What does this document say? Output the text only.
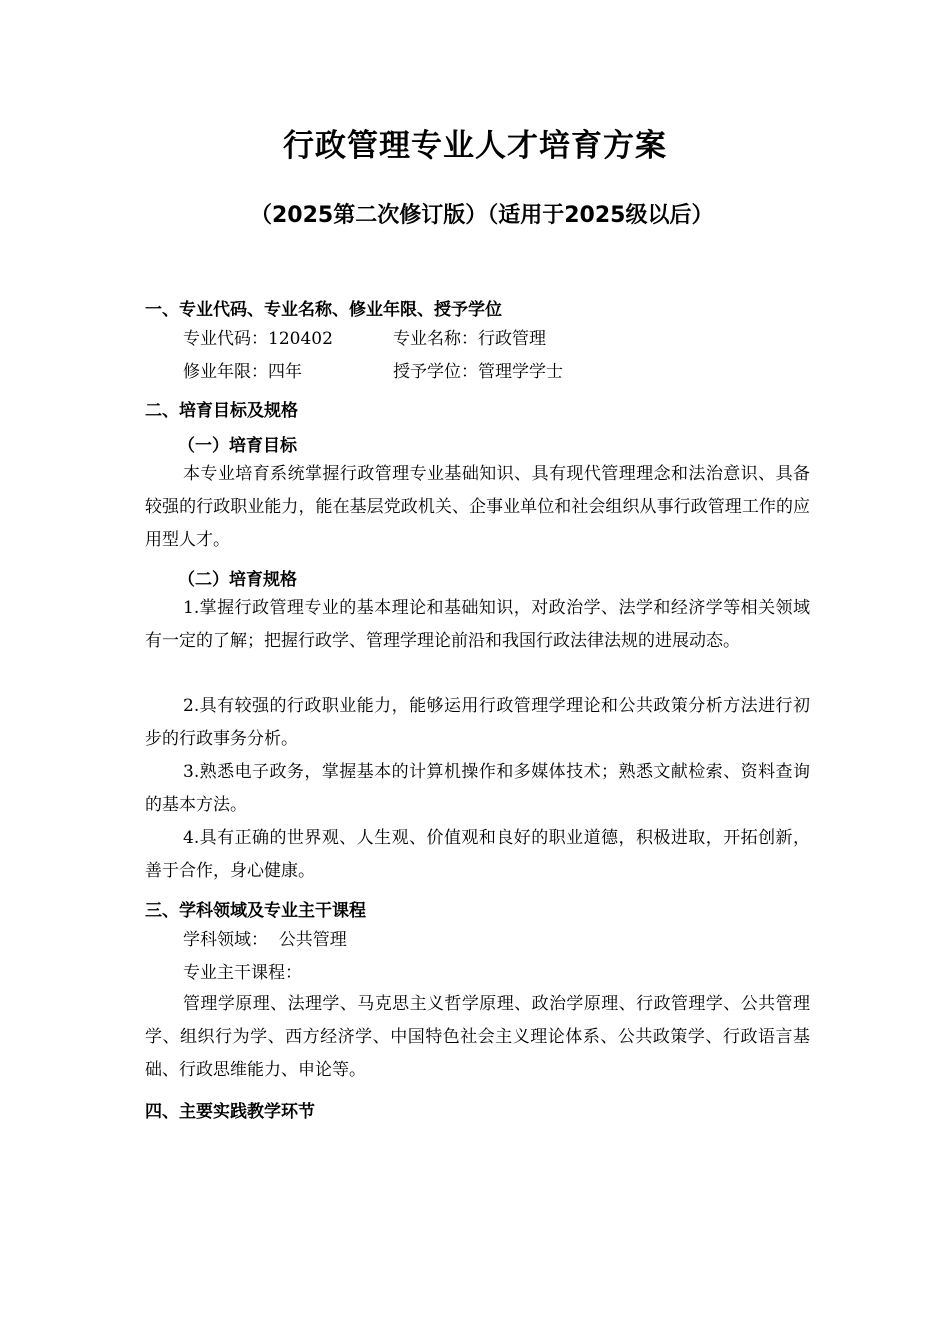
行政管理专业人才培育方案
（2025第二次修订版）（适用于2025级以后）
一、专业代码、专业名称、修业年限、授予学位
专业代码：120402	专业名称：行政管理
修业年限：四年	授予学位：管理学学士
二、培育目标及规格
（一）培育目标
本专业培育系统掌握行政管理专业基础知识、具有现代管理理念和法治意识、具备较强的行政职业能力，能在基层党政机关、企事业单位和社会组织从事行政管理工作的应用型人才。
（二）培育规格
1.掌握行政管理专业的基本理论和基础知识，对政治学、法学和经济学等相关领域有一定的了解；把握行政学、管理学理论前沿和我国行政法律法规的进展动态。
2.具有较强的行政职业能力，能够运用行政管理学理论和公共政策分析方法进行初步的行政事务分析。
3.熟悉电子政务，掌握基本的计算机操作和多媒体技术；熟悉文献检索、资料查询的基本方法。
4.具有正确的世界观、人生观、价值观和良好的职业道德，积极进取，开拓创新，善于合作，身心健康。
三、学科领域及专业主干课程
学科领域：  公共管理
专业主干课程：
管理学原理、法理学、马克思主义哲学原理、政治学原理、行政管理学、公共管理学、组织行为学、西方经济学、中国特色社会主义理论体系、公共政策学、行政语言基础、行政思维能力、申论等。
四、主要实践教学环节
